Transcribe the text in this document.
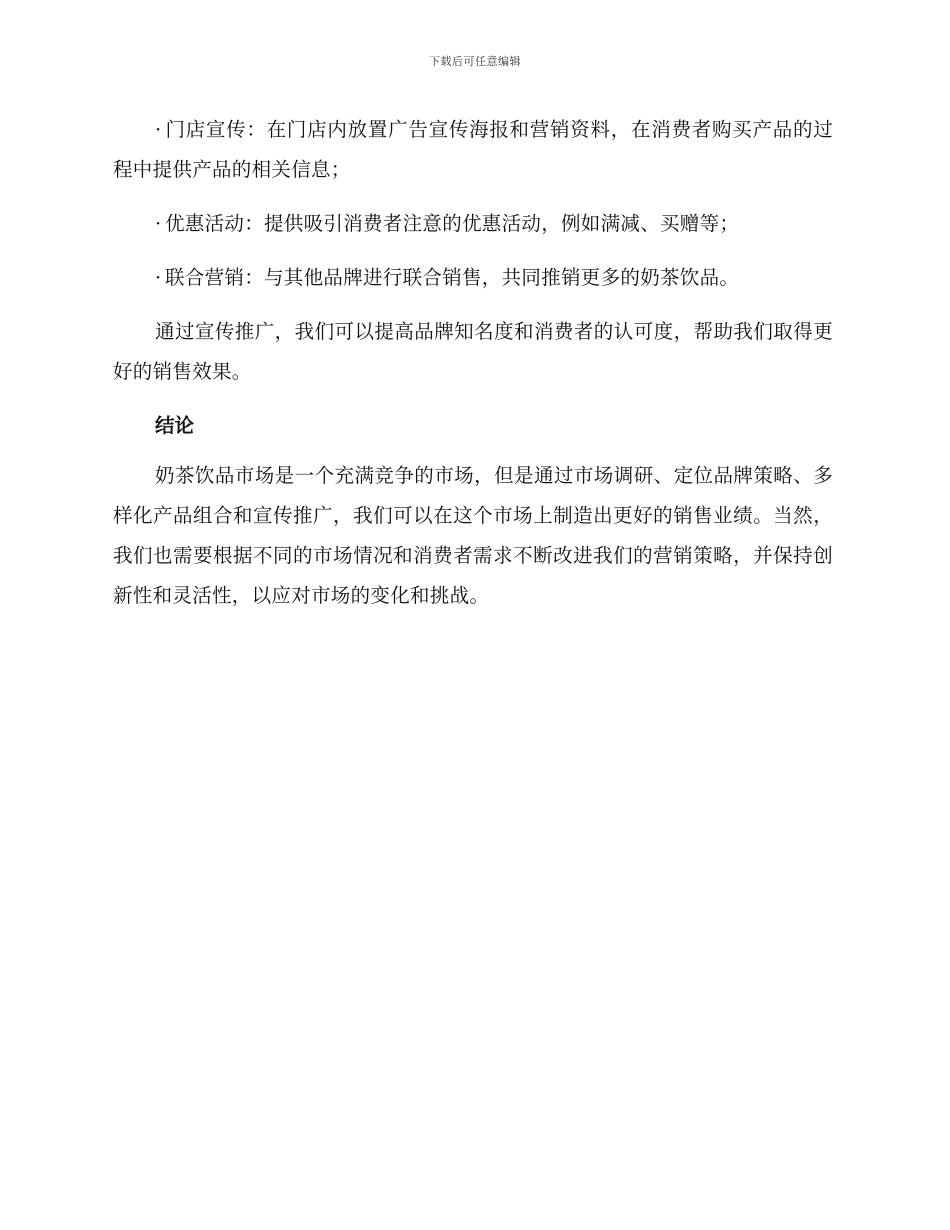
下载后可任意编辑

· 门店宣传：在门店内放置广告宣传海报和营销资料，在消费者购买产品的过程中提供产品的相关信息；

· 优惠活动：提供吸引消费者注意的优惠活动，例如满减、买赠等；

· 联合营销：与其他品牌进行联合销售，共同推销更多的奶茶饮品。

通过宣传推广，我们可以提高品牌知名度和消费者的认可度，帮助我们取得更好的销售效果。

结论

奶茶饮品市场是一个充满竞争的市场，但是通过市场调研、定位品牌策略、多样化产品组合和宣传推广，我们可以在这个市场上制造出更好的销售业绩。当然，我们也需要根据不同的市场情况和消费者需求不断改进我们的营销策略，并保持创新性和灵活性，以应对市场的变化和挑战。
